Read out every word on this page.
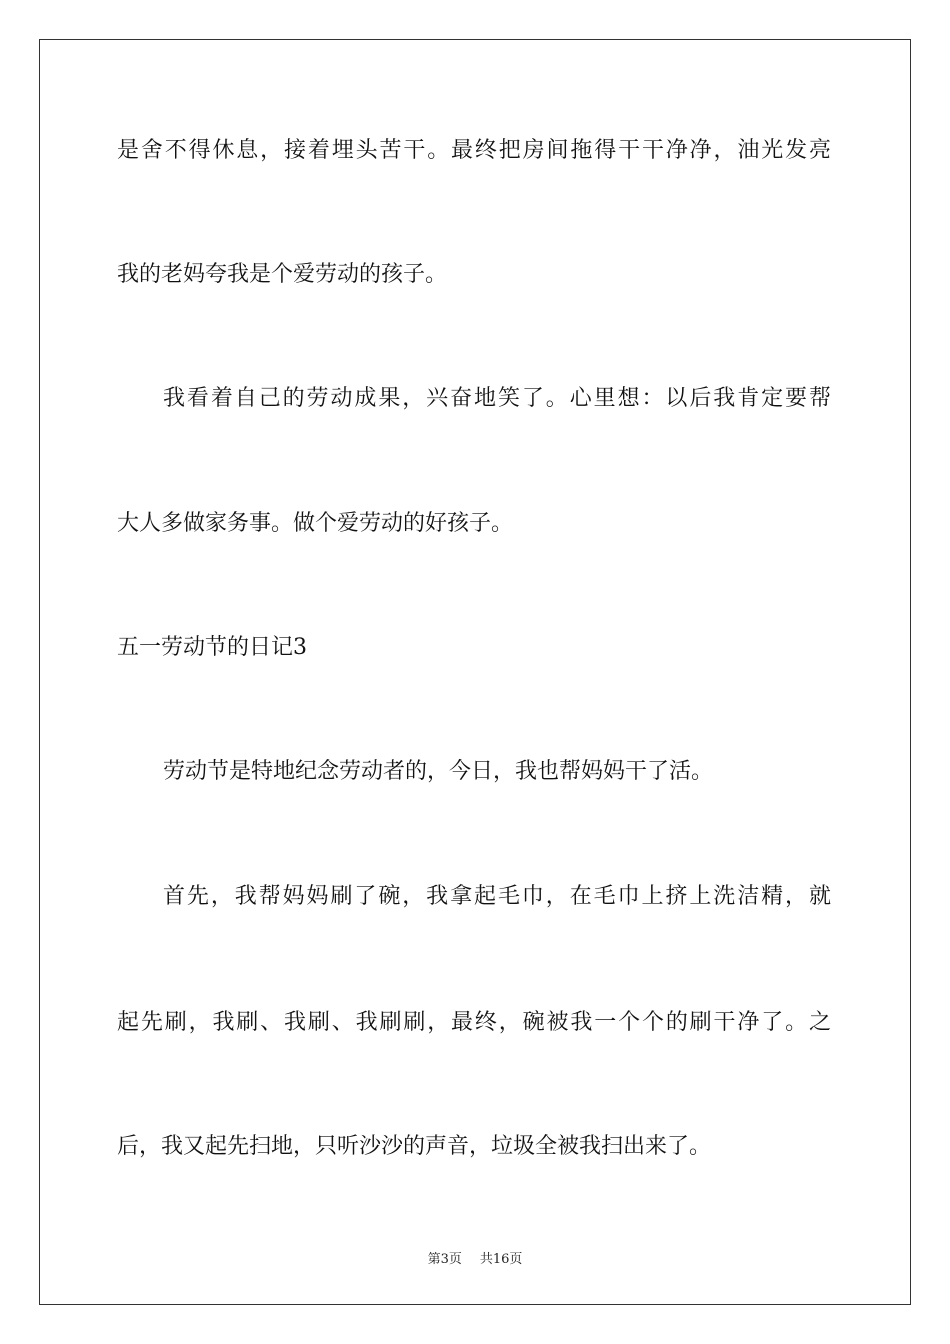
是舍不得休息，接着埋头苦干。最终把房间拖得干干净净，油光发亮
我的老妈夸我是个爱劳动的孩子。
我看着自己的劳动成果，兴奋地笑了。心里想：以后我肯定要帮
大人多做家务事。做个爱劳动的好孩子。
五一劳动节的日记3
劳动节是特地纪念劳动者的，今日，我也帮妈妈干了活。
首先，我帮妈妈刷了碗，我拿起毛巾，在毛巾上挤上洗洁精，就
起先刷，我刷、我刷、我刷刷，最终，碗被我一个个的刷干净了。之
后，我又起先扫地，只听沙沙的声音，垃圾全被我扫出来了。
第3页 共16页
